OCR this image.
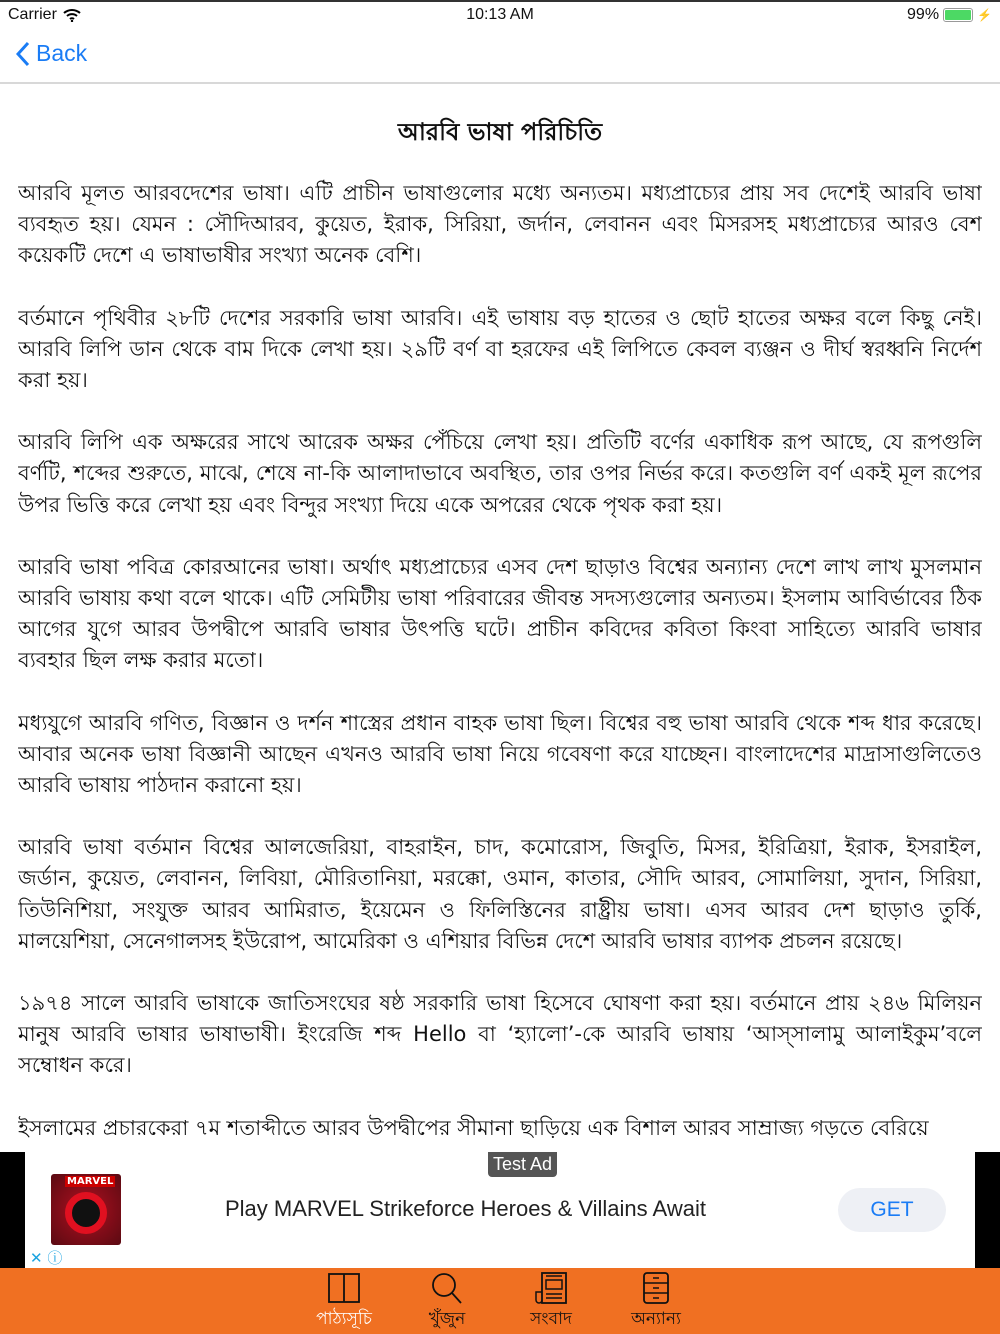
Carrier	10:13 AM	99%	⚡
Back
আরবি ভাষা পরিচিতি

আরবি মূলত আরবদেশের ভাষা। এটি প্রাচীন ভাষাগুলোর মধ্যে অন্যতম। মধ্যপ্রাচ্যের প্রায় সব দেশেই আরবি ভাষা ব্যবহৃত হয়। যেমন : সৌদিআরব, কুয়েত, ইরাক, সিরিয়া, জর্দান, লেবানন এবং মিসরসহ মধ্যপ্রাচ্যের আরও বেশ কয়েকটি দেশে এ ভাষাভাষীর সংখ্যা অনেক বেশি।

বর্তমানে পৃথিবীর ২৮টি দেশের সরকারি ভাষা আরবি। এই ভাষায় বড় হাতের ও ছোট হাতের অক্ষর বলে কিছু নেই। আরবি লিপি ডান থেকে বাম দিকে লেখা হয়। ২৯টি বর্ণ বা হরফের এই লিপিতে কেবল ব্যঞ্জন ও দীর্ঘ স্বরধ্বনি নির্দেশ করা হয়।

আরবি লিপি এক অক্ষরের সাথে আরেক অক্ষর পেঁচিয়ে লেখা হয়। প্রতিটি বর্ণের একাধিক রূপ আছে, যে রূপগুলি বর্ণটি, শব্দের শুরুতে, মাঝে, শেষে না-কি আলাদাভাবে অবস্থিত, তার ওপর নির্ভর করে। কতগুলি বর্ণ একই মূল রূপের উপর ভিত্তি করে লেখা হয় এবং বিন্দুর সংখ্যা দিয়ে একে অপরের থেকে পৃথক করা হয়।

আরবি ভাষা পবিত্র কোরআনের ভাষা। অর্থাৎ মধ্যপ্রাচ্যের এসব দেশ ছাড়াও বিশ্বের অন্যান্য দেশে লাখ লাখ মুসলমান আরবি ভাষায় কথা বলে থাকে। এটি সেমিটীয় ভাষা পরিবারের জীবন্ত সদস্যগুলোর অন্যতম। ইসলাম আবির্ভাবের ঠিক আগের যুগে আরব উপদ্বীপে আরবি ভাষার উৎপত্তি ঘটে। প্রাচীন কবিদের কবিতা কিংবা সাহিত্যে আরবি ভাষার ব্যবহার ছিল লক্ষ করার মতো।

মধ্যযুগে আরবি গণিত, বিজ্ঞান ও দর্শন শাস্ত্রের প্রধান বাহক ভাষা ছিল। বিশ্বের বহু ভাষা আরবি থেকে শব্দ ধার করেছে। আবার অনেক ভাষা বিজ্ঞানী আছেন এখনও আরবি ভাষা নিয়ে গবেষণা করে যাচ্ছেন। বাংলাদেশের মাদ্রাসাগুলিতেও আরবি ভাষায় পাঠদান করানো হয়।

আরবি ভাষা বর্তমান বিশ্বের আলজেরিয়া, বাহরাইন, চাদ, কমোরোস, জিবুতি, মিসর, ইরিত্রিয়া, ইরাক, ইসরাইল, জর্ডান, কুয়েত, লেবানন, লিবিয়া, মৌরিতানিয়া, মরক্কো, ওমান, কাতার, সৌদি আরব, সোমালিয়া, সুদান, সিরিয়া, তিউনিশিয়া, সংযুক্ত আরব আমিরাত, ইয়েমেন ও ফিলিস্তিনের রাষ্ট্রীয় ভাষা। এসব আরব দেশ ছাড়াও তুর্কি, মালয়েশিয়া, সেনেগালসহ ইউরোপ, আমেরিকা ও এশিয়ার বিভিন্ন দেশে আরবি ভাষার ব্যাপক প্রচলন রয়েছে।

১৯৭৪ সালে আরবি ভাষাকে জাতিসংঘের ষষ্ঠ সরকারি ভাষা হিসেবে ঘোষণা করা হয়। বর্তমানে প্রায় ২৪৬ মিলিয়ন মানুষ আরবি ভাষার ভাষাভাষী। ইংরেজি শব্দ Hello বা ‘হ্যালো’-কে আরবি ভাষায় ‘আস্সালামু আলাইকুম’বলে সম্বোধন করে।

ইসলামের প্রচারকেরা ৭ম শতাব্দীতে আরব উপদ্বীপের সীমানা ছাড়িয়ে এক বিশাল আরব সাম্রাজ্য গড়তে বেরিয়ে

Test Ad
MARVEL
Play MARVEL Strikeforce Heroes & Villains Await	GET
✕ ⓘ
পাঠ্যসূচি	খুঁজুন	সংবাদ	অন্যান্য
